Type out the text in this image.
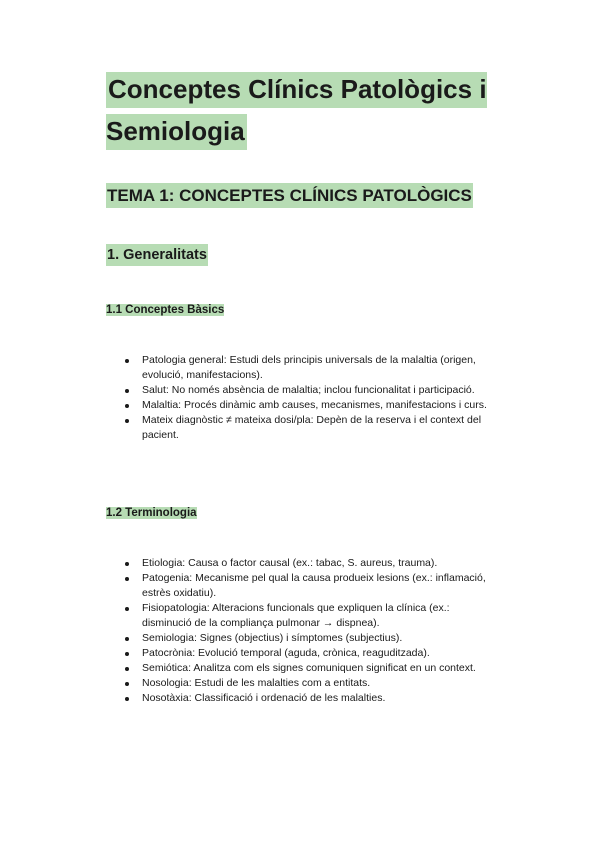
Conceptes Clínics Patològics i Semiologia
TEMA 1: CONCEPTES CLÍNICS PATOLÒGICS
1. Generalitats
1.1 Conceptes Bàsics
Patologia general: Estudi dels principis universals de la malaltia (origen, evolució, manifestacions).
Salut: No només absència de malaltia; inclou funcionalitat i participació.
Malaltia: Procés dinàmic amb causes, mecanismes, manifestacions i curs.
Mateix diagnòstic ≠ mateixa dosi/pla: Depèn de la reserva i el context del pacient.
1.2 Terminologia
Etiologia: Causa o factor causal (ex.: tabac, S. aureus, trauma).
Patogenia: Mecanisme pel qual la causa produeix lesions (ex.: inflamació, estrès oxidatiu).
Fisiopatologia: Alteracions funcionals que expliquen la clínica (ex.: disminució de la compliança pulmonar → dispnea).
Semiologia: Signes (objectius) i símptomes (subjectius).
Patocrònia: Evolució temporal (aguda, crònica, reaguditzada).
Semiótica: Analitza com els signes comuniquen significat en un context.
Nosologia: Estudi de les malalties com a entitats.
Nosotàxia: Classificació i ordenació de les malalties.
